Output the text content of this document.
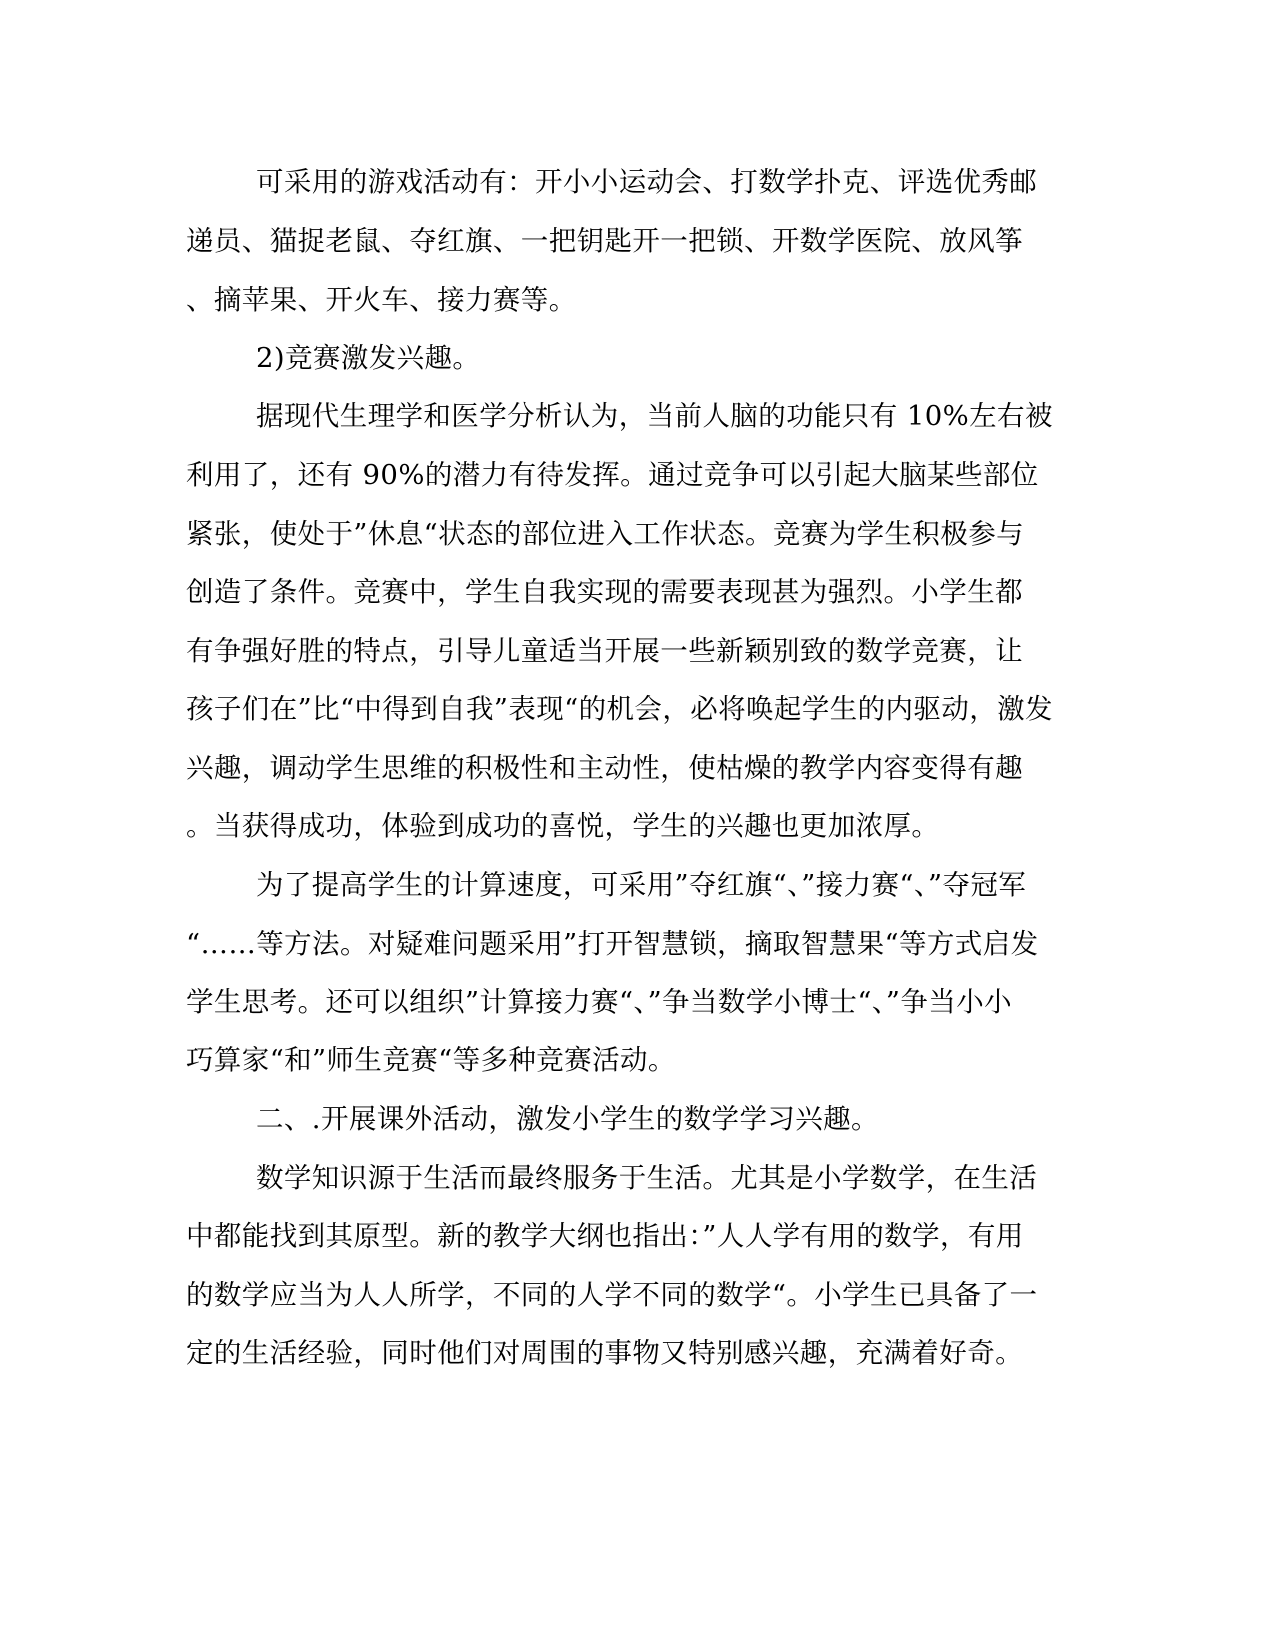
可采用的游戏活动有：开小小运动会、打数学扑克、评选优秀邮
递员、猫捉老鼠、夺红旗、一把钥匙开一把锁、开数学医院、放风筝
、摘苹果、开火车、接力赛等。
2)竞赛激发兴趣。
据现代生理学和医学分析认为，当前人脑的功能只有 10%左右被
利用了，还有 90%的潜力有待发挥。通过竞争可以引起大脑某些部位
紧张，使处于”休息“状态的部位进入工作状态。竞赛为学生积极参与
创造了条件。竞赛中，学生自我实现的需要表现甚为强烈。小学生都
有争强好胜的特点，引导儿童适当开展一些新颖别致的数学竞赛，让
孩子们在”比“中得到自我”表现“的机会，必将唤起学生的内驱动，激发
兴趣，调动学生思维的积极性和主动性，使枯燥的教学内容变得有趣
。当获得成功，体验到成功的喜悦，学生的兴趣也更加浓厚。
为了提高学生的计算速度，可采用”夺红旗“、”接力赛“、”夺冠军
“……等方法。对疑难问题采用”打开智慧锁，摘取智慧果“等方式启发
学生思考。还可以组织”计算接力赛“、”争当数学小博士“、”争当小小
巧算家“和”师生竞赛“等多种竞赛活动。
二、.开展课外活动，激发小学生的数学学习兴趣。
数学知识源于生活而最终服务于生活。尤其是小学数学，在生活
中都能找到其原型。新的教学大纲也指出：”人人学有用的数学，有用
的数学应当为人人所学，不同的人学不同的数学“。小学生已具备了一
定的生活经验，同时他们对周围的事物又特别感兴趣，充满着好奇。
